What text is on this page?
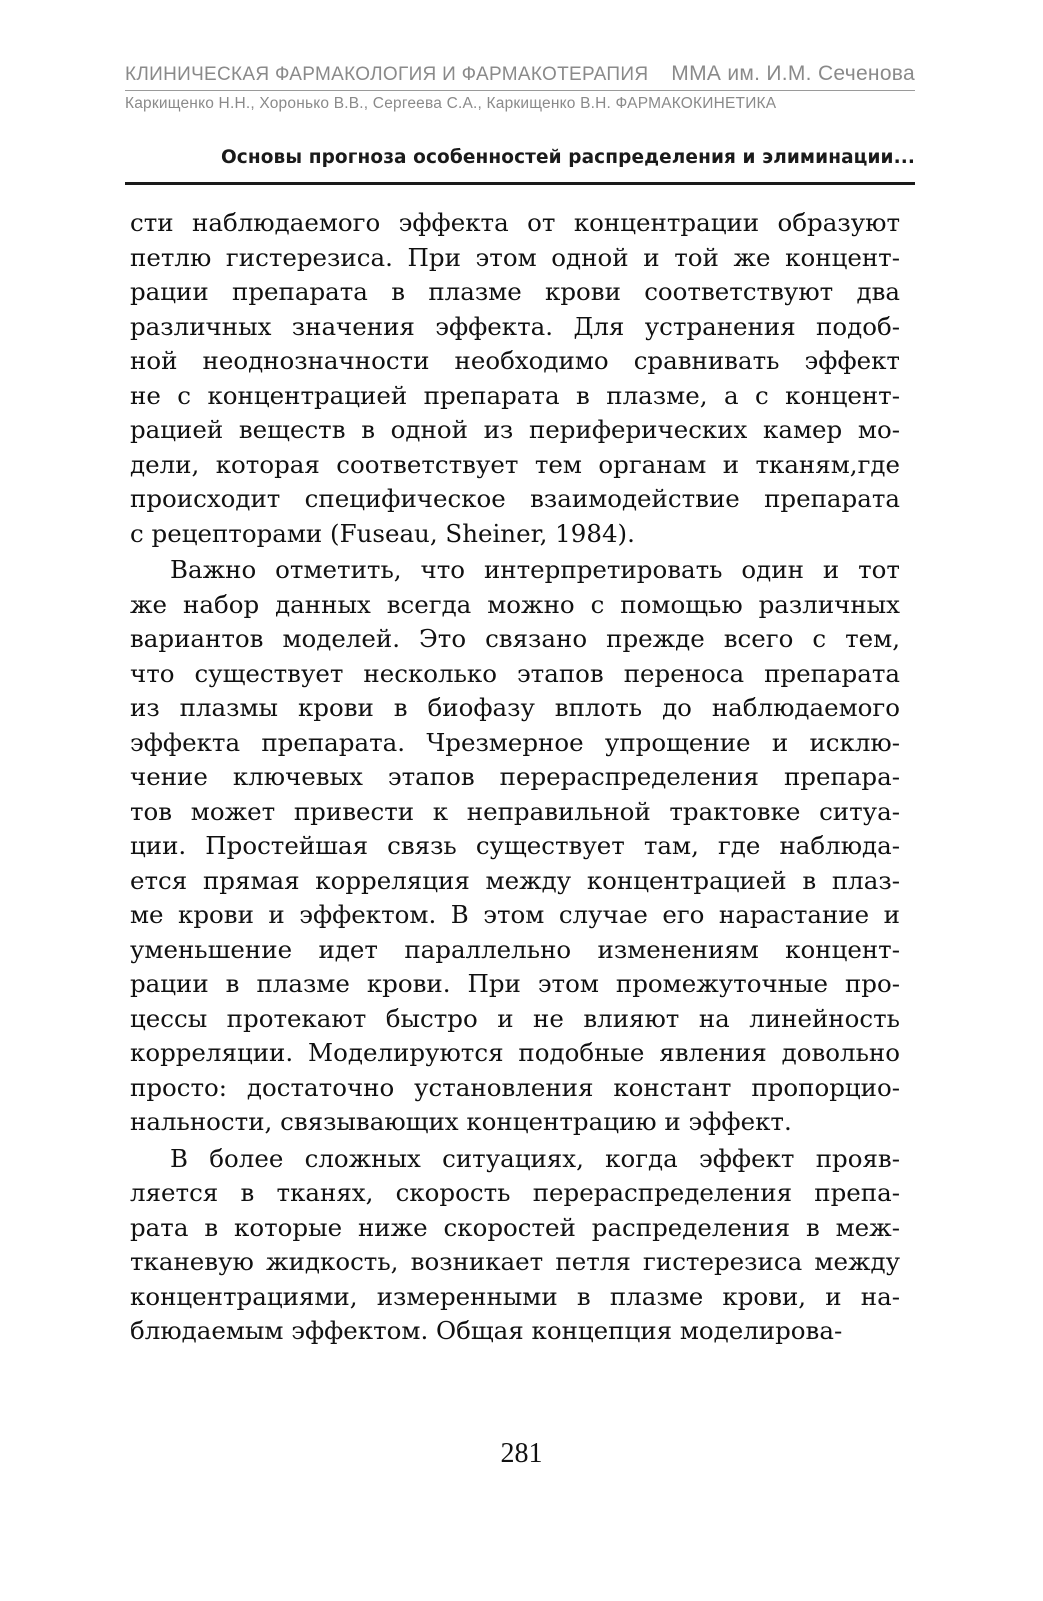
КЛИНИЧЕСКАЯ ФАРМАКОЛОГИЯ И ФАРМАКОТЕРАПИЯ ММА им. И.М. Сеченова
Каркищенко Н.Н., Хоронько В.В., Сергеева С.А., Каркищенко В.Н. ФАРМАКОКИНЕТИКА
Основы прогноза особенностей распределения и элиминации...
сти наблюдаемого эффекта от концентрации образуют
петлю гистерезиса. При этом одной и той же концент-
рации препарата в плазме крови соответствуют два
различных значения эффекта. Для устранения подоб-
ной неоднозначности необходимо сравнивать эффект
не с концентрацией препарата в плазме, а с концент-
рацией веществ в одной из периферических камер мо-
дели, которая соответствует тем органам и тканям,где
происходит специфическое взаимодействие препарата
с рецепторами (Fuseau, Sheiner, 1984).
Важно отметить, что интерпретировать один и тот
же набор данных всегда можно с помощью различных
вариантов моделей. Это связано прежде всего с тем,
что существует несколько этапов переноса препарата
из плазмы крови в биофазу вплоть до наблюдаемого
эффекта препарата. Чрезмерное упрощение и исклю-
чение ключевых этапов перераспределения препара-
тов может привести к неправильной трактовке ситуа-
ции. Простейшая связь существует там, где наблюда-
ется прямая корреляция между концентрацией в плаз-
ме крови и эффектом. В этом случае его нарастание и
уменьшение идет параллельно изменениям концент-
рации в плазме крови. При этом промежуточные про-
цессы протекают быстро и не влияют на линейность
корреляции. Моделируются подобные явления довольно
просто: достаточно установления констант пропорцио-
нальности, связывающих концентрацию и эффект.
В более сложных ситуациях, когда эффект прояв-
ляется в тканях, скорость перераспределения препа-
рата в которые ниже скоростей распределения в меж-
тканевую жидкость, возникает петля гистерезиса между
концентрациями, измеренными в плазме крови, и на-
блюдаемым эффектом. Общая концепция моделирова-
281
